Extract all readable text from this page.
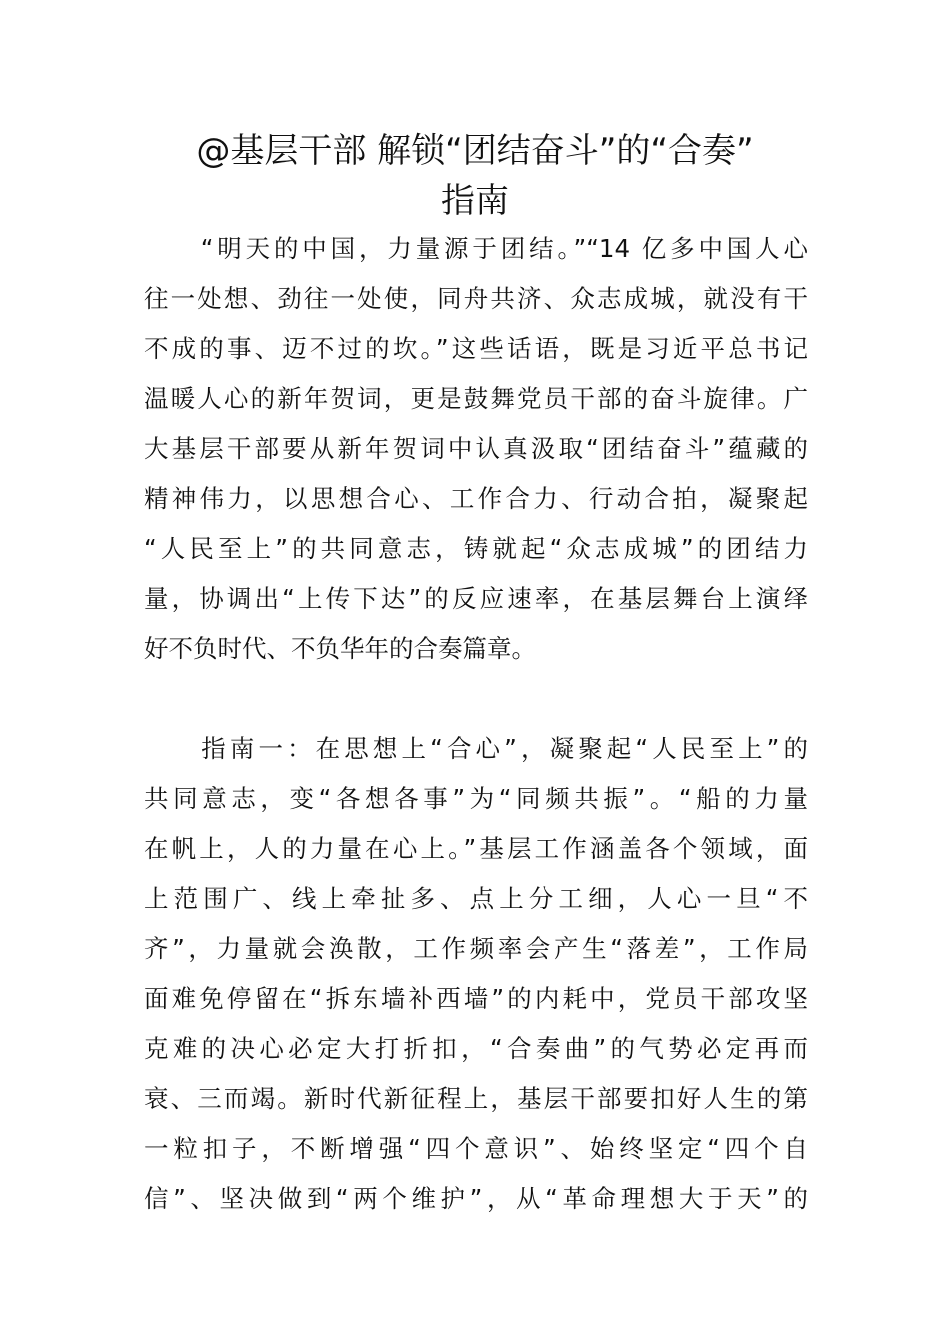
@基层干部 解锁“团结奋斗”的“合奏”
指南
　　“明天的中国，力量源于团结。”“14 亿多中国人心
往一处想、劲往一处使，同舟共济、众志成城，就没有干
不成的事、迈不过的坎。”这些话语，既是习近平总书记
温暖人心的新年贺词，更是鼓舞党员干部的奋斗旋律。广
大基层干部要从新年贺词中认真汲取“团结奋斗”蕴藏的
精神伟力，以思想合心、工作合力、行动合拍，凝聚起
“人民至上”的共同意志，铸就起“众志成城”的团结力
量，协调出“上传下达”的反应速率，在基层舞台上演绎
好不负时代、不负华年的合奏篇章。
　　指南一：在思想上“合心”，凝聚起“人民至上”的
共同意志，变“各想各事”为“同频共振”。“船的力量
在帆上，人的力量在心上。”基层工作涵盖各个领域，面
上范围广、线上牵扯多、点上分工细，人心一旦“不
齐”，力量就会涣散，工作频率会产生“落差”，工作局
面难免停留在“拆东墙补西墙”的内耗中，党员干部攻坚
克难的决心必定大打折扣，“合奏曲”的气势必定再而
衰、三而竭。新时代新征程上，基层干部要扣好人生的第
一粒扣子，不断增强“四个意识”、始终坚定“四个自
信”、坚决做到“两个维护”，从“革命理想大于天”的
